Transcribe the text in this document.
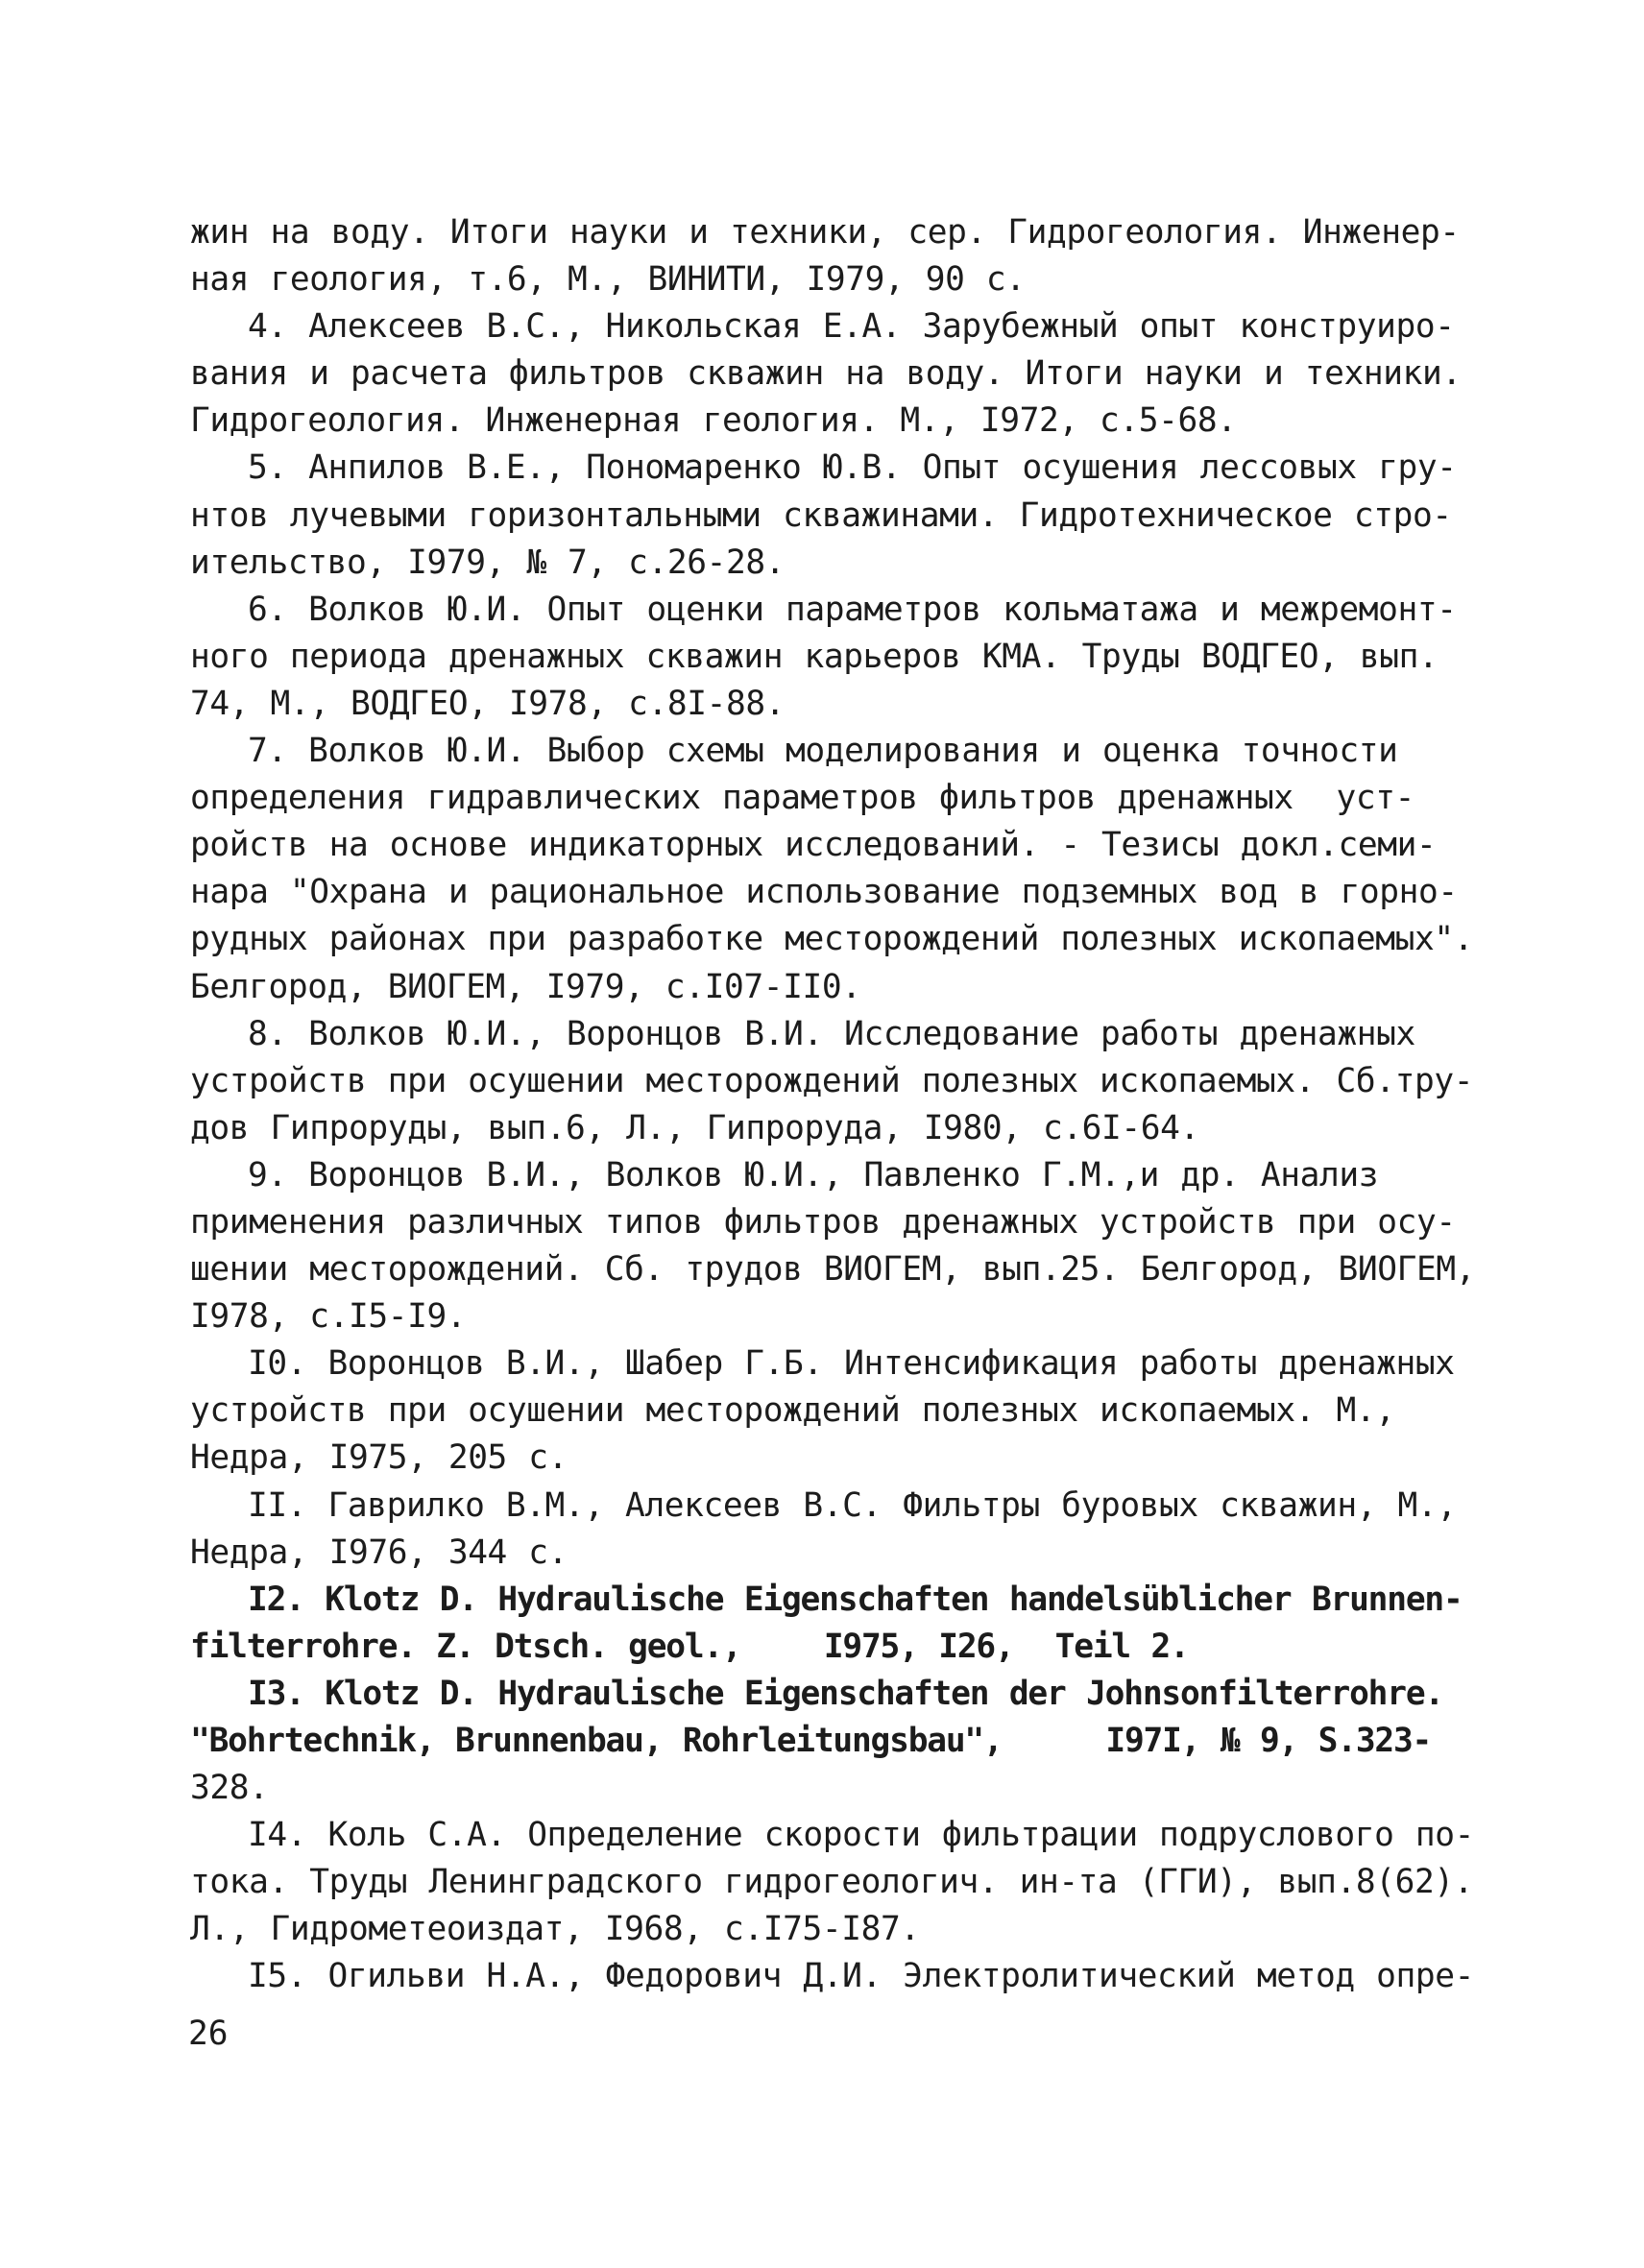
жин на воду. Итоги науки и техники, сер. Гидрогеология. Инженер-
ная геология, т.6, М., ВИНИТИ, I979, 90 с.
4. Алексеев В.С., Никольская Е.А. Зарубежный опыт конструиро-
вания и расчета фильтров скважин на воду. Итоги науки и техники.
Гидрогеология. Инженерная геология. М., I972, с.5-68.
5. Анпилов В.Е., Пономаренко Ю.В. Опыт осушения лессовых гру-
нтов лучевыми горизонтальными скважинами. Гидротехническое стро-
ительство, I979, № 7, с.26-28.
6. Волков Ю.И. Опыт оценки параметров кольматажа и межремонт-
ного периода дренажных скважин карьеров КМА. Труды ВОДГЕО, вып.
74, М., ВОДГЕО, I978, с.8I-88.
7. Волков Ю.И. Выбор схемы моделирования и оценка точности
определения гидравлических параметров фильтров дренажных  уст-
ройств на основе индикаторных исследований. - Тезисы докл.семи-
нара "Охрана и рациональное использование подземных вод в горно-
рудных районах при разработке месторождений полезных ископаемых".
Белгород, ВИОГЕМ, I979, с.I07-II0.
8. Волков Ю.И., Воронцов В.И. Исследование работы дренажных
устройств при осушении месторождений полезных ископаемых. Сб.тру-
дов Гипроруды, вып.6, Л., Гипроруда, I980, с.6I-64.
9. Воронцов В.И., Волков Ю.И., Павленко Г.М.,и др. Анализ
применения различных типов фильтров дренажных устройств при осу-
шении месторождений. Сб. трудов ВИОГЕМ, вып.25. Белгород, ВИОГЕМ,
I978, с.I5-I9.
I0. Воронцов В.И., Шабер Г.Б. Интенсификация работы дренажных
устройств при осушении месторождений полезных ископаемых. М.,
Недра, I975, 205 с.
II. Гаврилко В.М., Алексеев В.С. Фильтры буровых скважин, М.,
Недра, I976, 344 с.
I2. Klotz D. Hydraulische Eigenschaften handelsüblicher Brunnen-
filterrohre. Z. Dtsch. geol.,    I975, I26,  Teil 2.
I3. Klotz D. Hydraulische Eigenschaften der Johnsonfilterrohre.
"Bohrtechnik, Brunnenbau, Rohrleitungsbau",     I97I, № 9, S.323-
328.
I4. Коль С.А. Определение скорости фильтрации подруслового по-
тока. Труды Ленинградского гидрогеологич. ин-та (ГГИ), вып.8(62).
Л., Гидрометеоиздат, I968, с.I75-I87.
I5. Огильви Н.А., Федорович Д.И. Электролитический метод опре-
26
